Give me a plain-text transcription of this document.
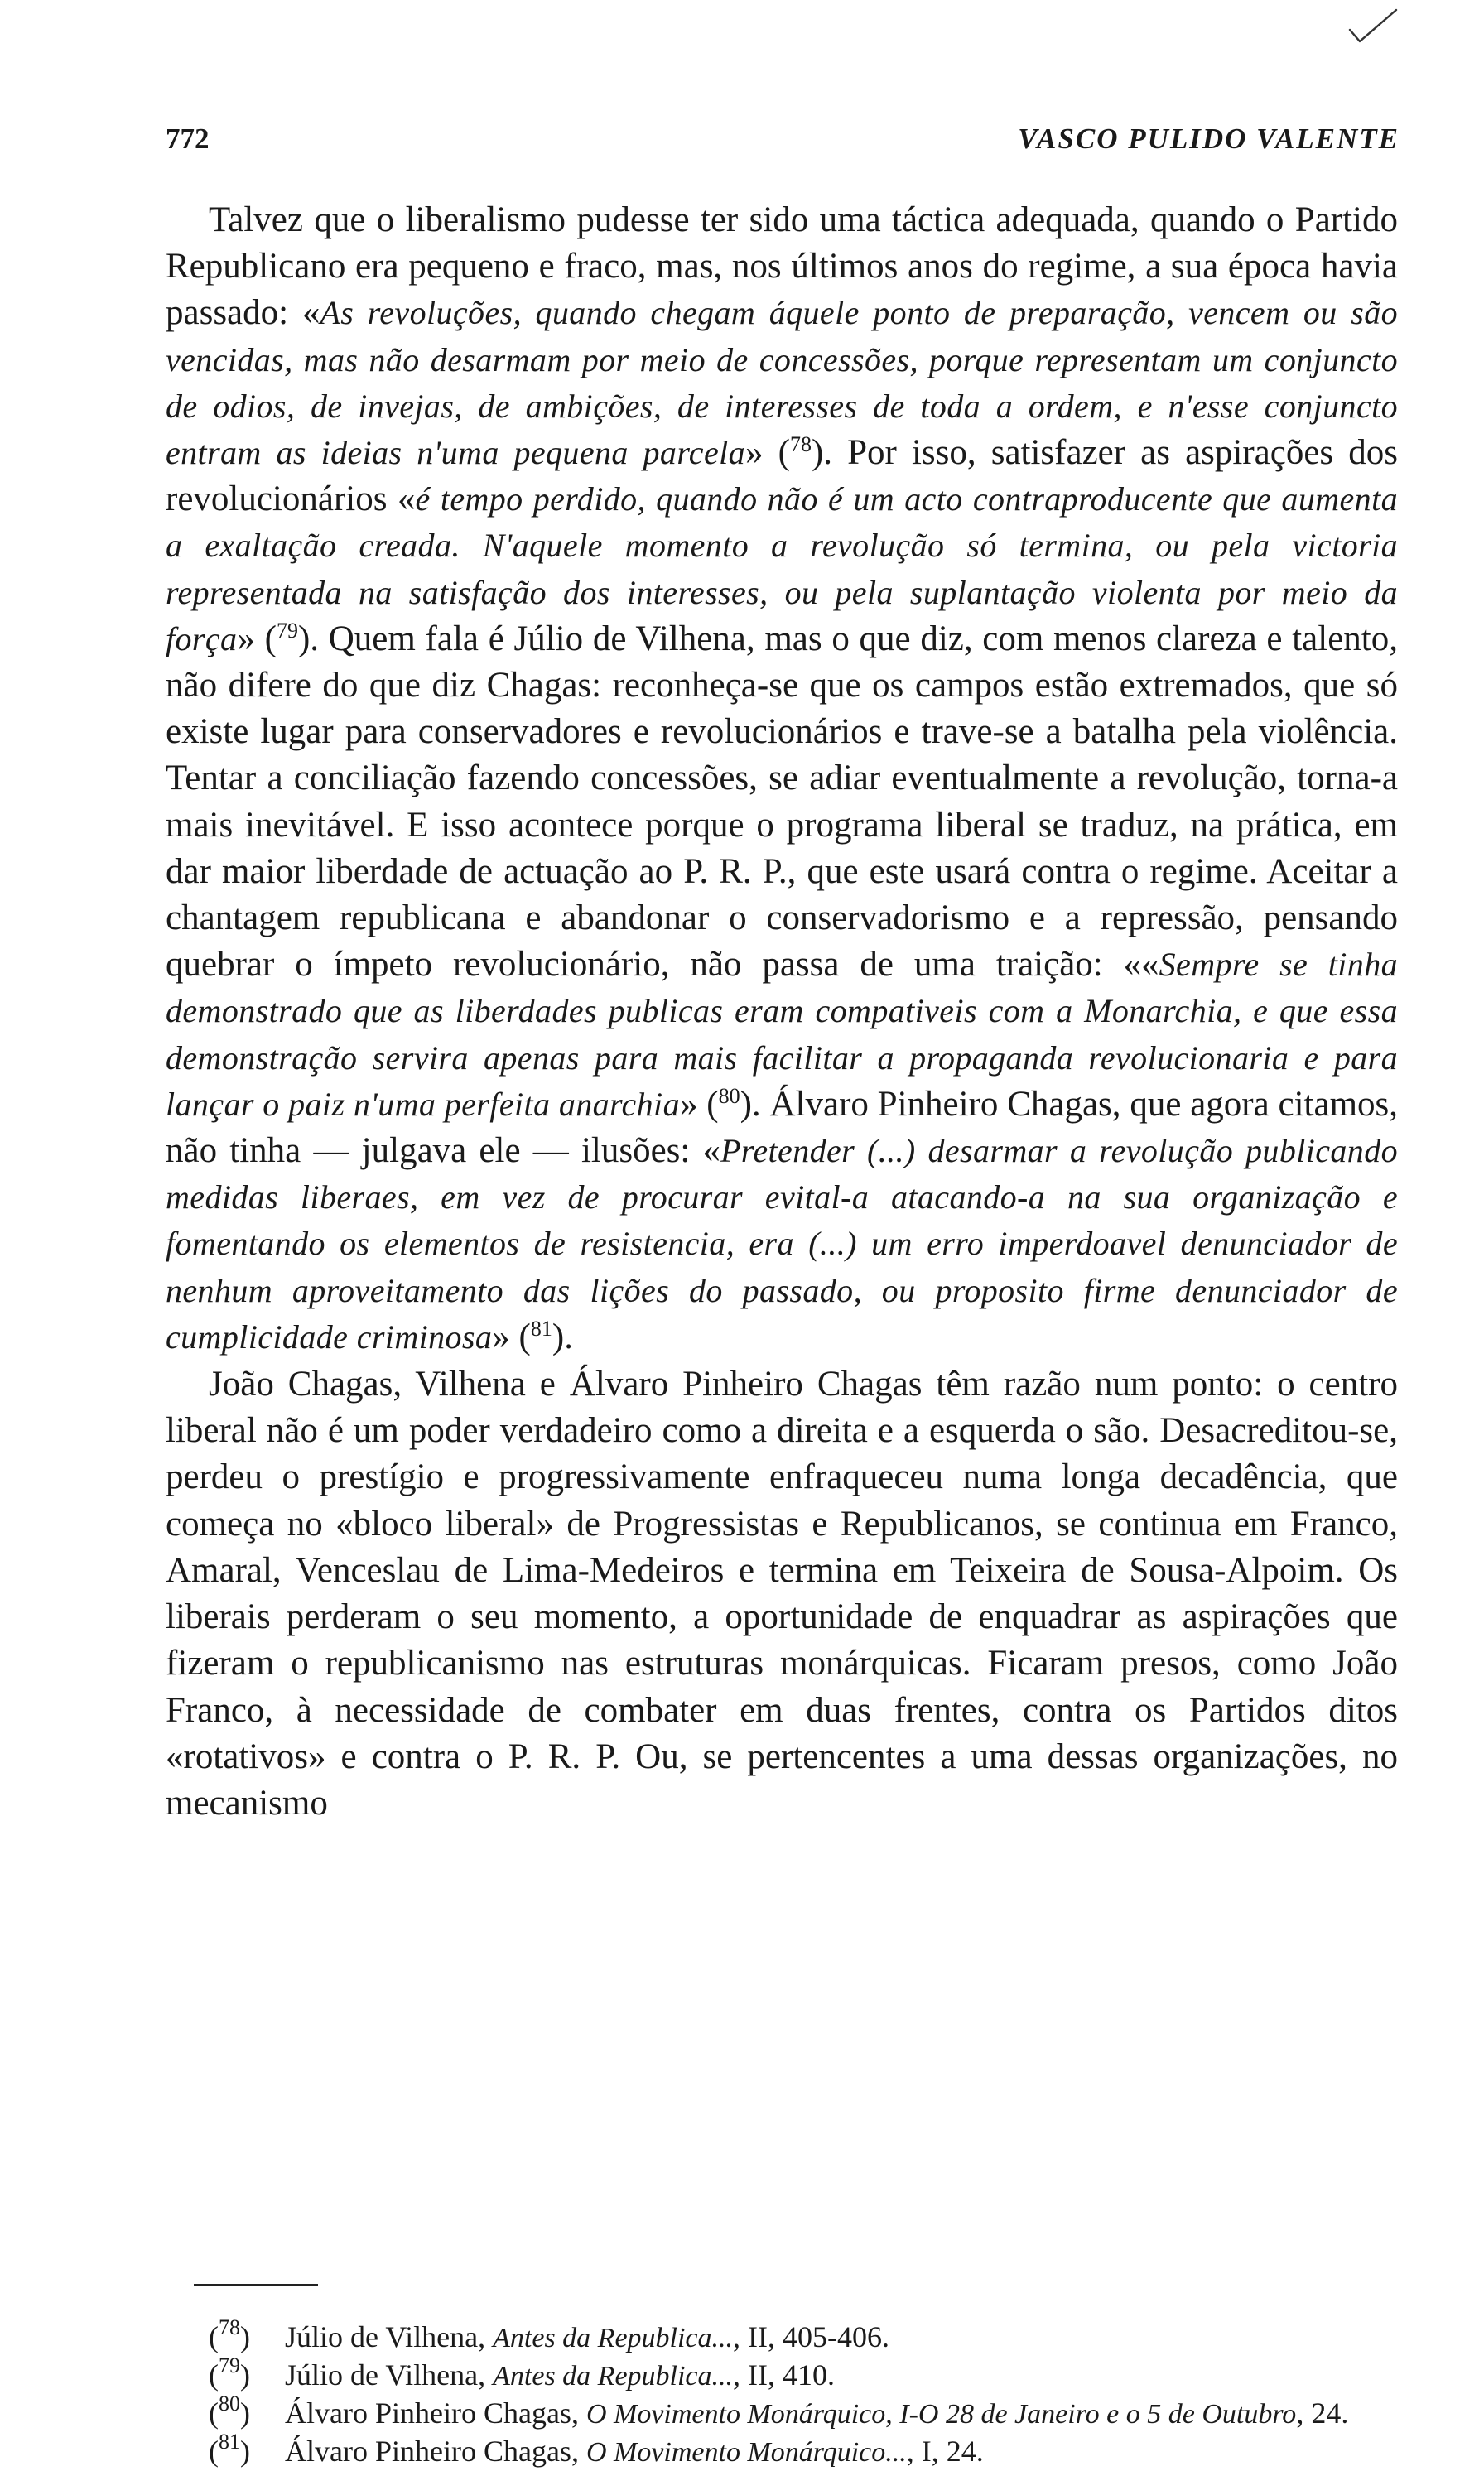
772	VASCO PULIDO VALENTE

Talvez que o liberalismo pudesse ter sido uma táctica adequada, quando o Partido Republicano era pequeno e fraco, mas, nos últimos anos do regime, a sua época havia passado: «As revoluções, quando chegam áquele ponto de preparação, vencem ou são vencidas, mas não desarmam por meio de concessões, porque representam um conjuncto de odios, de invejas, de ambições, de interesses de toda a ordem, e n'esse conjuncto entram as ideias n'uma pequena parcela» ($^{78}$). Por isso, satisfazer as aspirações dos revolucionários «é tempo perdido, quando não é um acto contraproducente que aumenta a exaltação creada. N'aquele momento a revolução só termina, ou pela victoria representada na satisfação dos interesses, ou pela suplantação violenta por meio da força» ($^{79}$). Quem fala é Júlio de Vilhena, mas o que diz, com menos clareza e talento, não difere do que diz Chagas: reconheça-se que os campos estão extremados, que só existe lugar para conservadores e revolucionários e trave-se a batalha pela violência. Tentar a conciliação fazendo concessões, se adiar eventualmente a revolução, torna-a mais inevitável. E isso acontece porque o programa liberal se traduz, na prática, em dar maior liberdade de actuação ao P. R. P., que este usará contra o regime. Aceitar a chantagem republicana e abandonar o conservadorismo e a repressão, pensando quebrar o ímpeto revolucionário, não passa de uma traição: ««Sempre se tinha demonstrado que as liberdades publicas eram compativeis com a Monarchia, e que essa demonstração servira apenas para mais facilitar a propaganda revolucionaria e para lançar o paiz n'uma perfeita anarchia» ($^{80}$). Álvaro Pinheiro Chagas, que agora citamos, não tinha — julgava ele — ilusões: «Pretender (...) desarmar a revolução publicando medidas liberaes, em vez de procurar evital-a atacando-a na sua organização e fomentando os elementos de resistencia, era (...) um erro imperdoavel denunciador de nenhum aproveitamento das lições do passado, ou proposito firme denunciador de cumplicidade criminosa» ($^{81}$).

João Chagas, Vilhena e Álvaro Pinheiro Chagas têm razão num ponto: o centro liberal não é um poder verdadeiro como a direita e a esquerda o são. Desacreditou-se, perdeu o prestígio e progressivamente enfraqueceu numa longa decadência, que começa no «bloco liberal» de Progressistas e Republicanos, se continua em Franco, Amaral, Venceslau de Lima-Medeiros e termina em Teixeira de Sousa-Alpoim. Os liberais perderam o seu momento, a oportunidade de enquadrar as aspirações que fizeram o republicanismo nas estruturas monárquicas. Ficaram presos, como João Franco, à necessidade de combater em duas frentes, contra os Partidos ditos «rotativos» e contra o P. R. P. Ou, se pertencentes a uma dessas organizações, no mecanismo

($^{78}$) Júlio de Vilhena, Antes da Republica..., II, 405-406.

($^{79}$) Júlio de Vilhena, Antes da Republica..., II, 410.

($^{80}$) Álvaro Pinheiro Chagas, O Movimento Monárquico, I-O 28 de Janeiro e o 5 de Outubro, 24.

($^{81}$) Álvaro Pinheiro Chagas, O Movimento Monárquico..., I, 24.
